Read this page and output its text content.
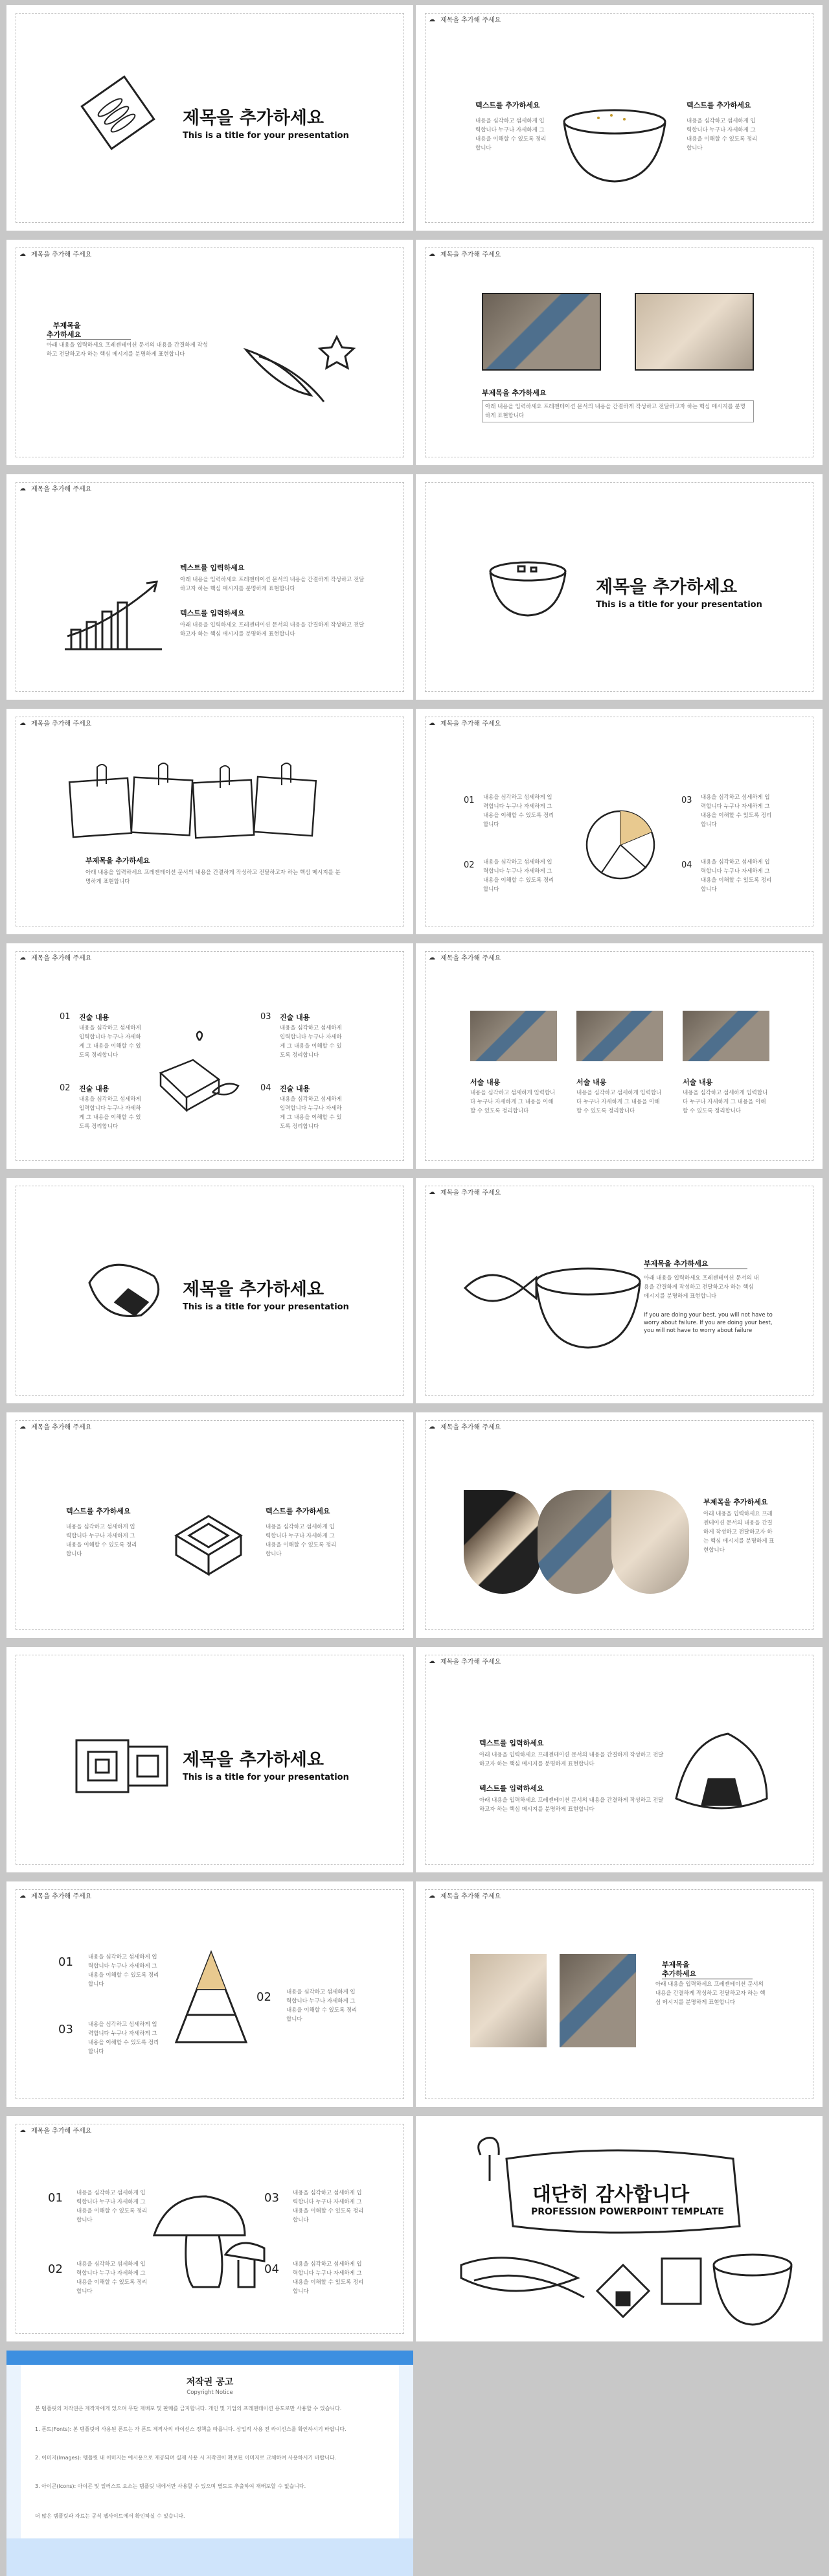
제목을 추가하세요
This is a title for your presentation
☁ 제목을 추가해 주세요
텍스트를 추가하세요
내용을 심각하고 섬세하게 입력합니다 누구나 자세하게 그 내용을 이해할 수 있도록 정리합니다
텍스트를 추가하세요
내용을 심각하고 섬세하게 입력합니다 누구나 자세하게 그 내용을 이해할 수 있도록 정리합니다
☁ 제목을 추가해 주세요
부제목을
추가하세요
아래 내용을 입력하세요 프레젠테이션 문서의 내용을 간결하게 작성하고 전달하고자 하는 핵심 메시지를 분명하게 표현합니다
☁ 제목을 추가해 주세요
부제목을 추가하세요
아래 내용을 입력하세요 프레젠테이션 문서의 내용을 간결하게 작성하고 전달하고자 하는 핵심 메시지를 분명하게 표현합니다
☁ 제목을 추가해 주세요
텍스트를 입력하세요
아래 내용을 입력하세요 프레젠테이션 문서의 내용을 간결하게 작성하고 전달하고자 하는 핵심 메시지를 분명하게 표현합니다
텍스트를 입력하세요
아래 내용을 입력하세요 프레젠테이션 문서의 내용을 간결하게 작성하고 전달하고자 하는 핵심 메시지를 분명하게 표현합니다
제목을 추가하세요
This is a title for your presentation
☁ 제목을 추가해 주세요
부제목을 추가하세요
아래 내용을 입력하세요 프레젠테이션 문서의 내용을 간결하게 작성하고 전달하고자 하는 핵심 메시지를 분명하게 표현합니다
☁ 제목을 추가해 주세요
01 내용을 심각하고 섬세하게 입력합니다 누구나 자세하게 그 내용을 이해할 수 있도록 정리합니다
02 내용을 심각하고 섬세하게 입력합니다 누구나 자세하게 그 내용을 이해할 수 있도록 정리합니다
03 내용을 심각하고 섬세하게 입력합니다 누구나 자세하게 그 내용을 이해할 수 있도록 정리합니다
04 내용을 심각하고 섬세하게 입력합니다 누구나 자세하게 그 내용을 이해할 수 있도록 정리합니다
☁ 제목을 추가해 주세요
01 진술 내용
내용을 심각하고 섬세하게 입력합니다 누구나 자세하게 그 내용을 이해할 수 있도록 정리합니다
02 진술 내용
내용을 심각하고 섬세하게 입력합니다 누구나 자세하게 그 내용을 이해할 수 있도록 정리합니다
03 진술 내용
내용을 심각하고 섬세하게 입력합니다 누구나 자세하게 그 내용을 이해할 수 있도록 정리합니다
04 진술 내용
내용을 심각하고 섬세하게 입력합니다 누구나 자세하게 그 내용을 이해할 수 있도록 정리합니다
☁ 제목을 추가해 주세요
서술 내용
내용을 심각하고 섬세하게 입력합니다 누구나 자세하게 그 내용을 이해할 수 있도록 정리합니다
서술 내용
내용을 심각하고 섬세하게 입력합니다 누구나 자세하게 그 내용을 이해할 수 있도록 정리합니다
서술 내용
내용을 심각하고 섬세하게 입력합니다 누구나 자세하게 그 내용을 이해할 수 있도록 정리합니다
제목을 추가하세요
This is a title for your presentation
☁ 제목을 추가해 주세요
부제목을 추가하세요
아래 내용을 입력하세요 프레젠테이션 문서의 내용을 간결하게 작성하고 전달하고자 하는 핵심 메시지를 분명하게 표현합니다
If you are doing your best, you will not have to worry about failure. If you are doing your best, you will not have to worry about failure
☁ 제목을 추가해 주세요
텍스트를 추가하세요
내용을 심각하고 섬세하게 입력합니다 누구나 자세하게 그 내용을 이해할 수 있도록 정리합니다
텍스트를 추가하세요
내용을 심각하고 섬세하게 입력합니다 누구나 자세하게 그 내용을 이해할 수 있도록 정리합니다
☁ 제목을 추가해 주세요
부제목을 추가하세요
아래 내용을 입력하세요 프레젠테이션 문서의 내용을 간결하게 작성하고 전달하고자 하는 핵심 메시지를 분명하게 표현합니다
제목을 추가하세요
This is a title for your presentation
☁ 제목을 추가해 주세요
텍스트를 입력하세요
아래 내용을 입력하세요 프레젠테이션 문서의 내용을 간결하게 작성하고 전달하고자 하는 핵심 메시지를 분명하게 표현합니다
텍스트를 입력하세요
아래 내용을 입력하세요 프레젠테이션 문서의 내용을 간결하게 작성하고 전달하고자 하는 핵심 메시지를 분명하게 표현합니다
☁ 제목을 추가해 주세요
01	내용을 심각하고 섬세하게 입력합니다 누구나 자세하게 그 내용을 이해할 수 있도록 정리합니다
03	내용을 심각하고 섬세하게 입력합니다 누구나 자세하게 그 내용을 이해할 수 있도록 정리합니다
02	내용을 심각하고 섬세하게 입력합니다 누구나 자세하게 그 내용을 이해할 수 있도록 정리합니다
☁ 제목을 추가해 주세요
부제목을
추가하세요
아래 내용을 입력하세요 프레젠테이션 문서의 내용을 간결하게 작성하고 전달하고자 하는 핵심 메시지를 분명하게 표현합니다
☁ 제목을 추가해 주세요
01 내용을 심각하고 섬세하게 입력합니다 누구나 자세하게 그 내용을 이해할 수 있도록 정리합니다
02 내용을 심각하고 섬세하게 입력합니다 누구나 자세하게 그 내용을 이해할 수 있도록 정리합니다
03 내용을 심각하고 섬세하게 입력합니다 누구나 자세하게 그 내용을 이해할 수 있도록 정리합니다
04 내용을 심각하고 섬세하게 입력합니다 누구나 자세하게 그 내용을 이해할 수 있도록 정리합니다
대단히 감사합니다
PROFESSION POWERPOINT TEMPLATE
저작권 공고
Copyright Notice
본 템플릿의 저작권은 제작자에게 있으며 무단 재배포 및 판매를 금지합니다. 개인 및 기업의 프레젠테이션 용도로만 사용할 수 있습니다.
1. 폰트(Fonts): 본 템플릿에 사용된 폰트는 각 폰트 제작사의 라이선스 정책을 따릅니다. 상업적 사용 전 라이선스를 확인하시기 바랍니다.
2. 이미지(Images): 템플릿 내 이미지는 예시용으로 제공되며 실제 사용 시 저작권이 확보된 이미지로 교체하여 사용하시기 바랍니다.
3. 아이콘(Icons): 아이콘 및 일러스트 요소는 템플릿 내에서만 사용할 수 있으며 별도로 추출하여 재배포할 수 없습니다.
더 많은 템플릿과 자료는 공식 웹사이트에서 확인하실 수 있습니다.
